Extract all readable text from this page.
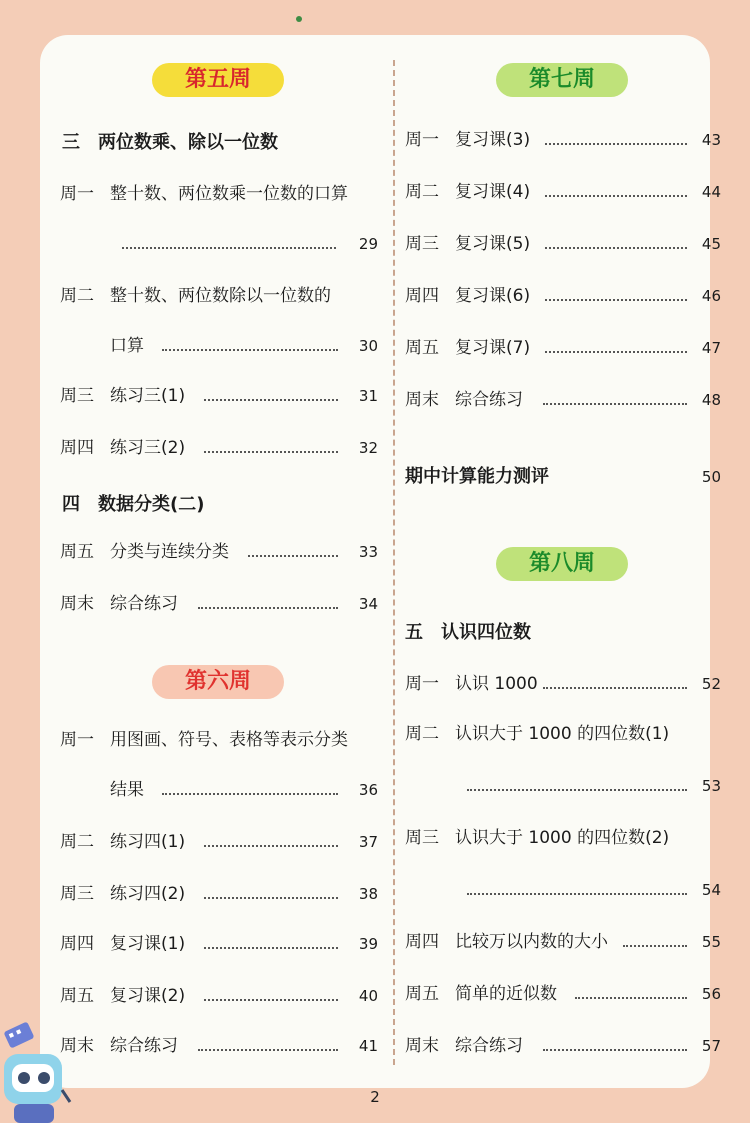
第五周
三 两位数乘、除以一位数
周一 整十数、两位数乘一位数的口算
29
周二 整十数、两位数除以一位数的
口算	30
周三 练习三(1)	31
周四 练习三(2)	32
四 数据分类(二)
周五 分类与连续分类	33
周末 综合练习	34
第六周
周一 用图画、符号、表格等表示分类
结果	36
周二 练习四(1)	37
周三 练习四(2)	38
周四 复习课(1)	39
周五 复习课(2)	40
周末 综合练习	41
第七周
周一 复习课(3)	43
周二 复习课(4)	44
周三 复习课(5)	45
周四 复习课(6)	46
周五 复习课(7)	47
周末 综合练习	48
期中计算能力测评	50
第八周
五 认识四位数
周一 认识 1000	52
周二 认识大于 1000 的四位数(1)
53
周三 认识大于 1000 的四位数(2)
54
周四 比较万以内数的大小	55
周五 简单的近似数	56
周末 综合练习	57
2
